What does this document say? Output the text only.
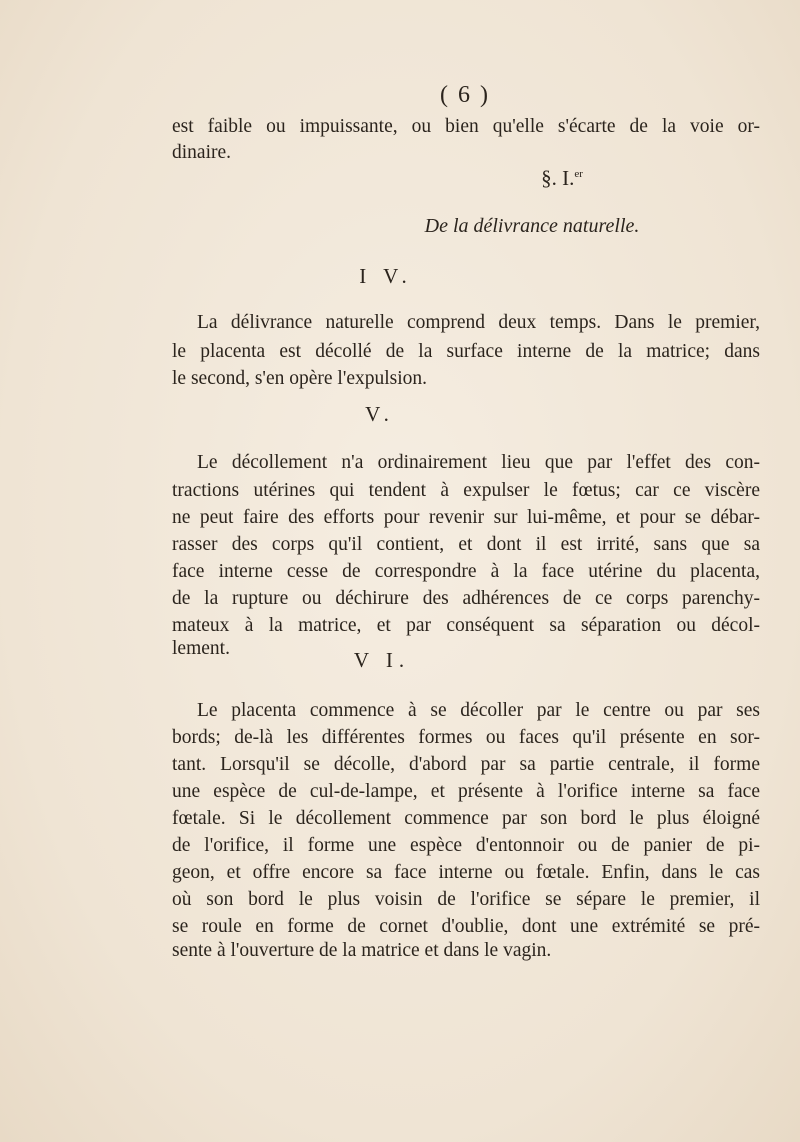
( 6 )
est faible ou impuissante, ou bien qu'elle s'écarte de la voie or-
dinaire.
§. I.$^{er}$
De la délivrance naturelle.
I V.
La délivrance naturelle comprend deux temps. Dans le premier,
le placenta est décollé de la surface interne de la matrice; dans
le second, s'en opère l'expulsion.
V.
Le décollement n'a ordinairement lieu que par l'effet des con-
tractions utérines qui tendent à expulser le fœtus; car ce viscère
ne peut faire des efforts pour revenir sur lui-même, et pour se débar-
rasser des corps qu'il contient, et dont il est irrité, sans que sa
face interne cesse de correspondre à la face utérine du placenta,
de la rupture ou déchirure des adhérences de ce corps parenchy-
mateux à la matrice, et par conséquent sa séparation ou décol-
lement.	V I.
Le placenta commence à se décoller par le centre ou par ses
bords; de-là les différentes formes ou faces qu'il présente en sor-
tant. Lorsqu'il se décolle, d'abord par sa partie centrale, il forme
une espèce de cul-de-lampe, et présente à l'orifice interne sa face
fœtale. Si le décollement commence par son bord le plus éloigné
de l'orifice, il forme une espèce d'entonnoir ou de panier de pi-
geon, et offre encore sa face interne ou fœtale. Enfin, dans le cas
où son bord le plus voisin de l'orifice se sépare le premier, il
se roule en forme de cornet d'oublie, dont une extrémité se pré-
sente à l'ouverture de la matrice et dans le vagin.
